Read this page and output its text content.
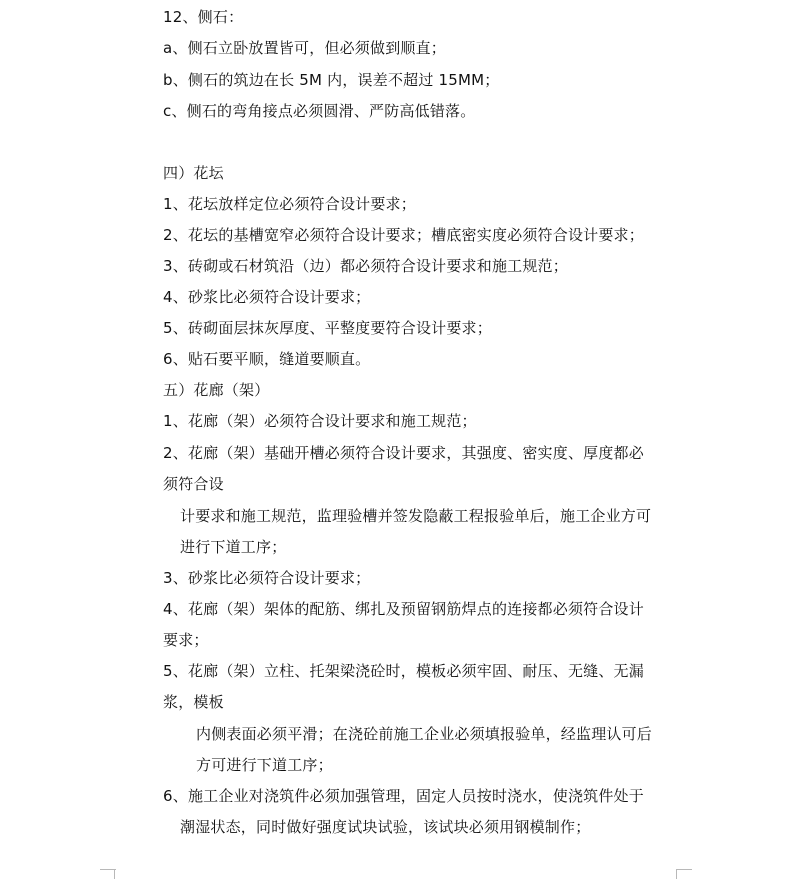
12、侧石：
a、侧石立卧放置皆可，但必须做到顺直；
b、侧石的筑边在长 5M 内，误差不超过 15MM；
c、侧石的弯角接点必须圆滑、严防高低错落。
四）花坛
1、花坛放样定位必须符合设计要求；
2、花坛的基槽宽窄必须符合设计要求；槽底密实度必须符合设计要求；
3、砖砌或石材筑沿（边）都必须符合设计要求和施工规范；
4、砂浆比必须符合设计要求；
5、砖砌面层抹灰厚度、平整度要符合设计要求；
6、贴石要平顺，缝道要顺直。
五）花廊（架）
1、花廊（架）必须符合设计要求和施工规范；
2、花廊（架）基础开槽必须符合设计要求，其强度、密实度、厚度都必
须符合设
计要求和施工规范，监理验槽并签发隐蔽工程报验单后，施工企业方可
进行下道工序；
3、砂浆比必须符合设计要求；
4、花廊（架）架体的配筋、绑扎及预留钢筋焊点的连接都必须符合设计
要求；
5、花廊（架）立柱、托架梁浇砼时，模板必须牢固、耐压、无缝、无漏
浆，模板
内侧表面必须平滑；在浇砼前施工企业必须填报验单，经监理认可后
方可进行下道工序；
6、施工企业对浇筑件必须加强管理，固定人员按时浇水，使浇筑件处于
潮湿状态，同时做好强度试块试验，该试块必须用钢模制作；
